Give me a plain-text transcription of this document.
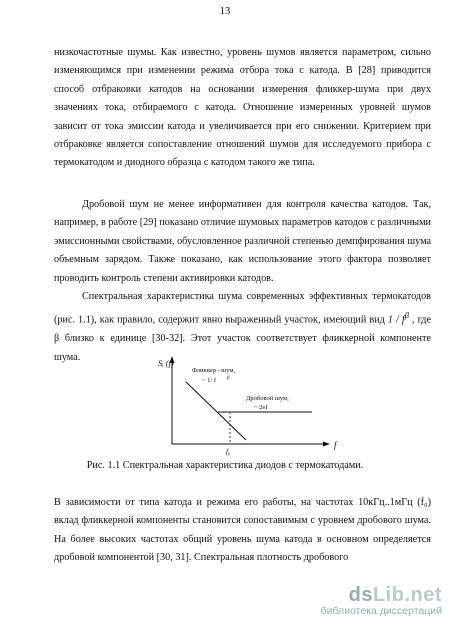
13

низкочастотные шумы. Как известно, уровень шумов является параметром, сильно изменяющимся при изменении режима отбора тока с катода. В [28] приводится способ отбраковки катодов на основании измерения фликкер-шума при двух значениях тока, отбираемого с катода. Отношение измеренных уровней шумов зависит от тока эмиссии катода и увеличивается при его снижении. Критерием при отбраковке является сопоставление отношений шумов для исследуемого прибора с термокатодом и диодного образца с катодом такого же типа.

Дробовой шум не менее информативен для контроля качества катодов. Так, например, в работе [29] показано отличие шумовых параметров катодов с различными эмиссионными свойствами, обусловленное различной степенью демпфирования шума объемным зарядом. Также показано, как использование этого фактора позволяет проводить контроль степени активировки катодов.

Спектральная характеристика шума современных эффективных термокатодов (рис. 1.1), как правило, содержит явно выраженный участок, имеющий вид $1 / f^\beta$ , где β близко к единице [30-32]. Этот участок соответствует фликкерной компоненте шума.

Sᵢ (f)
f
f₀
Фликкер - шум,
~ 1/ f β
Дробовой шум,
~ 2eI
Рис. 1.1 Спектральная характеристика диодов с термокатодами.

В зависимости от типа катода и режима его работы, на частотах 10кГц..1мГц (f₀) вклад фликкерной компоненты становится сопоставимым с уровнем дробового шума. На более высоких частотах общий уровень шума катода в основном определяется дробовой компонентой [30, 31]. Спектральная плотность дробового

dsLib.net
библиотека диссертаций
